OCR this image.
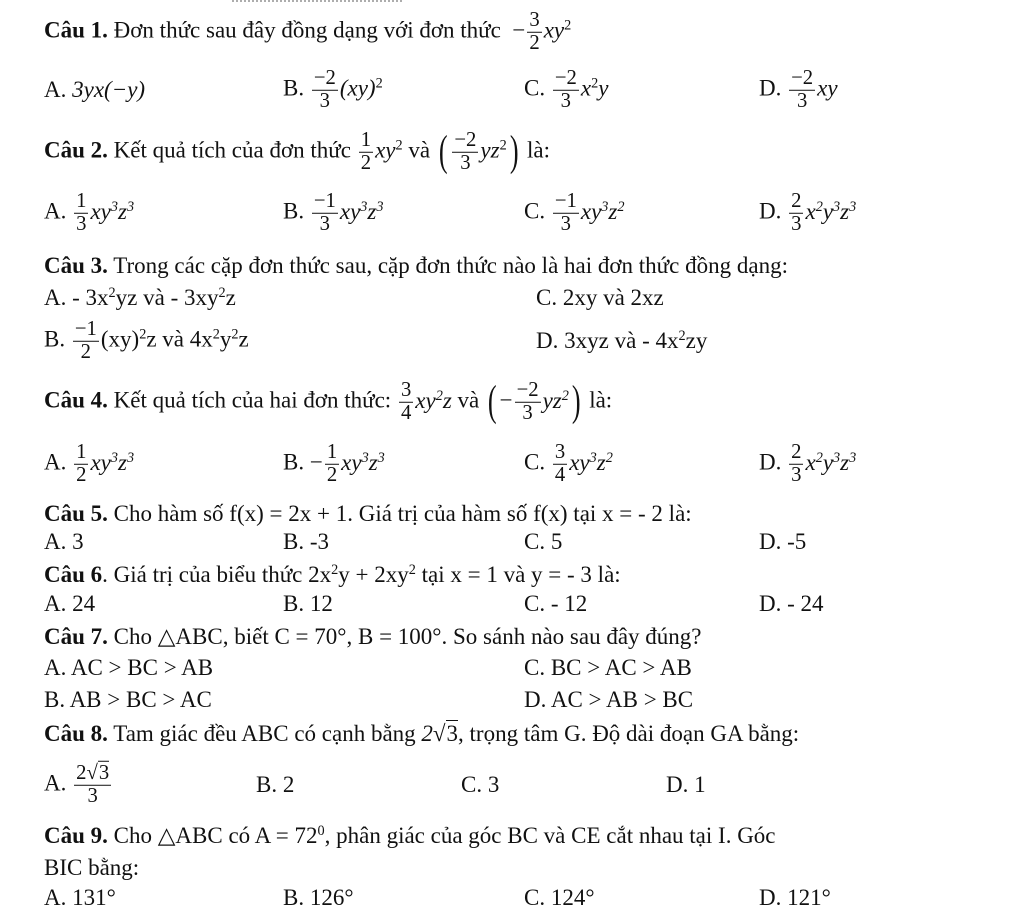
Câu 1. Đơn thức sau đây đồng dạng với đơn thức − $\frac{3}{2} xy^2$
A. 3yx(−y)	B. $\frac{-2}{3} (xy)^2$	C. $\frac{-2}{3} x^2y$	D. $\frac{-2}{3}$ xy
Câu 2. Kết quả tích của đơn thức $\frac{1}{2} xy^2$ và ( $\frac{-2}{3} yz^2$) là:
A. $\frac{1}{3} xy^3z^3$	B. $\frac{-1}{3} xy^3z^3$	C. $\frac{-1}{3} xy^3z^2$	D. $\frac{2}{3} x^2y^3z^3$
Câu 3. Trong các cặp đơn thức sau, cặp đơn thức nào là hai đơn thức đồng dạng:
A. - $3x^2yz$ và - $3xy^2z$	C. 2xy và 2xz
B. $\frac{-1}{2} (xy)^2z$ và $4x^2y^2z$	D. 3xyz và - $4x^2zy$
Câu 4. Kết quả tích của hai đơn thức: $\frac{3}{4} xy^2z$ và ( − $\frac{-2}{3} yz^2$) là:
A. $\frac{1}{2} xy^3z^3$	B. − $\frac{1}{2} xy^3z^3$	C. $\frac{3}{4} xy^3z^2$	D. $\frac{2}{3} x^2y^3z^3$
Câu 5. Cho hàm số f(x) = 2x + 1. Giá trị của hàm số f(x) tại x = - 2 là:
A. 3	B. -3	C. 5	D. -5
Câu 6. Giá trị của biểu thức $2x^2y + 2xy^2$ tại x = 1 và y = - 3 là:
A. 24	B. 12	C. - 12	D. - 24
Câu 7. Cho △ABC, biết C = 70°, B = 100°. So sánh nào sau đây đúng?
A. AC > BC > AB	C. BC > AC > AB
B. AB > BC > AC	D. AC > AB > BC
Câu 8. Tam giác đều ABC có cạnh bằng 2√3, trọng tâm G. Độ dài đoạn GA bằng:
A. $\frac{2√3}{3}$	B. 2	C. 3	D. 1
Câu 9. Cho △ABC có $A = 72^0$, phân giác của góc BC và CE cắt nhau tại I. Góc
BIC bằng:
A. 131°	B. 126°	C. 124°	D. 121°
